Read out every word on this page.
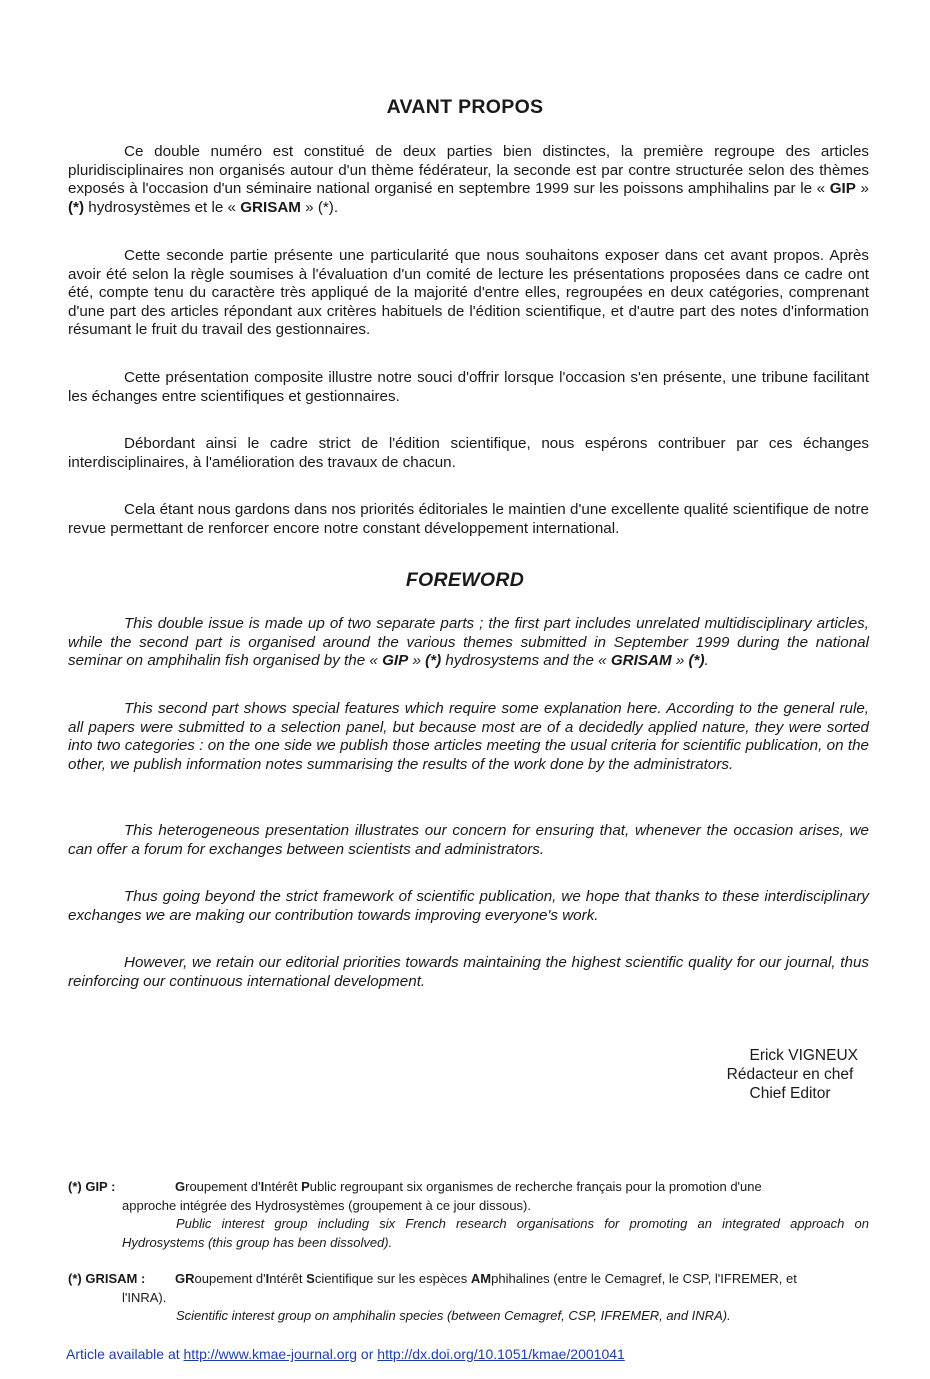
AVANT PROPOS

Ce double numéro est constitué de deux parties bien distinctes, la première regroupe des articles pluridisciplinaires non organisés autour d'un thème fédérateur, la seconde est par contre structurée selon des thèmes exposés à l'occasion d'un séminaire national organisé en septembre 1999 sur les poissons amphihalins par le « GIP » (*) hydrosystèmes et le « GRISAM » (*).

Cette seconde partie présente une particularité que nous souhaitons exposer dans cet avant propos. Après avoir été selon la règle soumises à l'évaluation d'un comité de lecture les présentations proposées dans ce cadre ont été, compte tenu du caractère très appliqué de la majorité d'entre elles, regroupées en deux catégories, comprenant d'une part des articles répondant aux critères habituels de l'édition scientifique, et d'autre part des notes d'information résumant le fruit du travail des gestionnaires.

Cette présentation composite illustre notre souci d'offrir lorsque l'occasion s'en présente, une tribune facilitant les échanges entre scientifiques et gestionnaires.

Débordant ainsi le cadre strict de l'édition scientifique, nous espérons contribuer par ces échanges interdisciplinaires, à l'amélioration des travaux de chacun.

Cela étant nous gardons dans nos priorités éditoriales le maintien d'une excellente qualité scientifique de notre revue permettant de renforcer encore notre constant développement international.

FOREWORD

This double issue is made up of two separate parts ; the first part includes unrelated multidisciplinary articles, while the second part is organised around the various themes submitted in September 1999 during the national seminar on amphihalin fish organised by the « GIP » (*) hydrosystems and the « GRISAM » (*).

This second part shows special features which require some explanation here. According to the general rule, all papers were submitted to a selection panel, but because most are of a decidedly applied nature, they were sorted into two categories : on the one side we publish those articles meeting the usual criteria for scientific publication, on the other, we publish information notes summarising the results of the work done by the administrators.

This heterogeneous presentation illustrates our concern for ensuring that, whenever the occasion arises, we can offer a forum for exchanges between scientists and administrators.

Thus going beyond the strict framework of scientific publication, we hope that thanks to these interdisciplinary exchanges we are making our contribution towards improving everyone's work.

However, we retain our editorial priorities towards maintaining the highest scientific quality for our journal, thus reinforcing our continuous international development.

Erick VIGNEUX
Rédacteur en chef
Chief Editor
(*) GIP :	Groupement d'Intérêt Public regroupant six organismes de recherche français pour la promotion d'une
approche intégrée des Hydrosystèmes (groupement à ce jour dissous).
Public interest group including six French research organisations for promoting an integrated approach on Hydrosystems (this group has been dissolved).
(*) GRISAM :	GRoupement d'Intérêt Scientifique sur les espèces AMphihalines (entre le Cemagref, le CSP, l'IFREMER, et
l'INRA).
Scientific interest group on amphihalin species (between Cemagref, CSP, IFREMER, and INRA).
Article available at http://www.kmae-journal.org or http://dx.doi.org/10.1051/kmae/2001041
